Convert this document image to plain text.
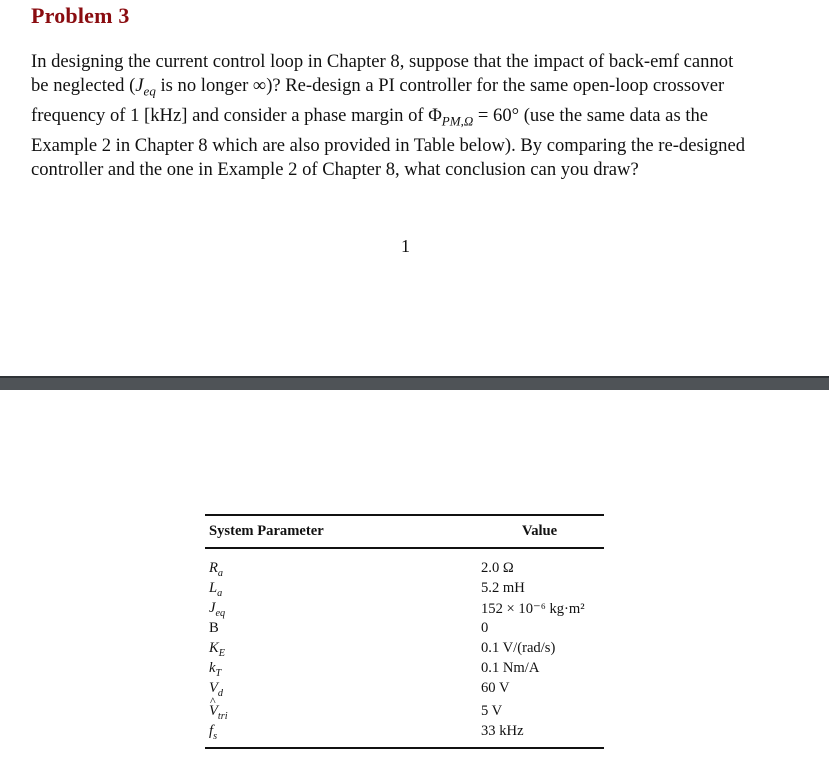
Problem 3
In designing the current control loop in Chapter 8, suppose that the impact of back-emf cannot
be neglected ($J_{eq}$ is no longer ∞)? Re-design a PI controller for the same open-loop crossover
frequency of 1 [kHz] and consider a phase margin of $\Phi_{PM,\Omega} = 60^\circ$ (use the same data as the
Example 2 in Chapter 8 which are also provided in Table below). By comparing the re-designed
controller and the one in Example 2 of Chapter 8, what conclusion can you draw?
1
System Parameter	Value
$R_a$	2.0 Ω
$L_a$	5.2 mH
$J_{eq}$	152 × 10⁻⁶ kg·m²
B	0
$K_E$	0.1 V/(rad/s)
$k_T$	0.1 Nm/A
$V_d$	60 V
^ $V_{tri}$	5 V
$f_s$	33 kHz
